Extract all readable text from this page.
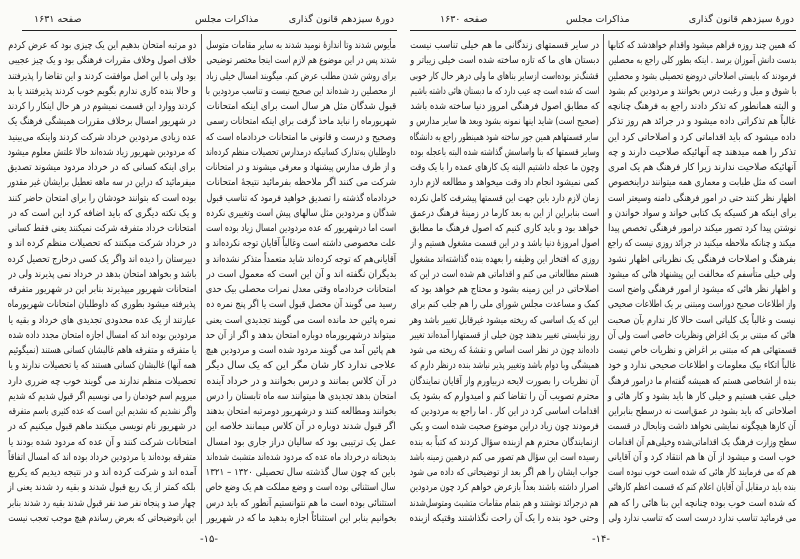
دورهٔ سیزدهم قانون گذاری
مذاکرات مجلس
صفحه ۱۶۳۱
مأیوس شدند وتا اندازهٔ نومید شدند به سایر مقامات متوسل
شدند پس در این موضوع هم لازم است اینجا مختصر توضیحی
برای روشن شدن مطلب عرض کنم. میگویند امسال خیلی زیاد
از محصلین رد شده‌اند این صحیح نیست و تناسب مردودین با
قبول شدگان مثل هر سال است برای اینکه امتحانات
شهریورماه را نباید ماخذ گرفت برای اینکه امتحانات رسمی
وصحیح و درست و قانونی ما امتحانات خردادماه است که
داوطلبان به‌تدارک کسانیکه درمدارس تحصیلات منظم کرده‌اند
و از طرف مدارس پیشنهاد و معرفی میشوند و در امتحانات
شرکت می کنند اگر ملاحظه بفرمائید نتیجهٔ امتحانات
خردادماه گذشته را تصدیق خواهید فرمود که تناسب قبول
شدگان و مردودین مثل سالهای پیش است وتغییری نکرده
است اما درشهریور که عده مردودین امسال زیاد بوده است
علت مخصوصی داشته است وغالباً آقایان توجه نکرده‌اند و
آقایانی‌هم که توجه کرده‌اند شاید متعمداً متذکر نشده‌اند و
بدیگران نگفته اند و آن این است که معمول است در
امتحانات خردادماه وقتی معدل نمرات محصلی بیک حدی
رسید می گویند آن محصل قبول است یا اگر پنج نمره ده
نمره پائین حد مانده است می گویند تجدیدی است یعنی
میتواند درشهریورماه دوباره امتحان بدهد و اگر از آن حد
هم پائین آمد می گویند مردود شده است و مردودین هیچ
علاجی ندارد کار شان مگر این که یک سال دیگر
در آن کلاس بمانند و درس بخوانند و در خرداد آینده
امتحان بدهد تجدیدی ها میتوانند سه ماه تابستان را درس
بخوانند ومطالعه کنند و درشهریور دومرتبه امتحان بدهند
اگر قبول شدند دوباره در آن کلاس میمانند خلاصه این
عمل یک ترتیبی بود که سالیان دراز جاری بود امسال
بدبختانه درخرداد ماه عده که مردود شده‌اند متشبث شده‌اند
باین که چون سال گذشته سال تحصیلی ۱۳۲۰ – ۱۳۲۱
سال استثنائی بوده است و وضع مملکت هم یک وضع خاص
استثنائی بوده است ما هم نتوانستیم آنطور که باید درس
بخوانیم بنابر این استثنائاً اجازه بدهید ما که در شهریور
دو مرتبه امتحان بدهیم این یک چیزی بود که عرض کردم
خلاف اصول وخلاف مقررات فرهنگی بود و یک چیز عجیبی
بود ولی با این اصل موافقت کردند و این تقاضا را پذیرفتند
و حالا بنده کاری ندارم بگویم خوب کردند پذیرفتند یا بد
کردند ووارد این قسمت نمیشوم در هر حال اینکار را کردند
در شهریور امسال برخلاف مقررات همیشگی فرهنگ یک
عده زیادی مردودین خرداد شرکت کردند واینکه می‌بینید
که مردودین شهریور زیاد شده‌اند حالا علتش معلوم میشود
برای اینکه کسانی که در خرداد مردود میشوند تصدیق
میفرمائید که دراین در سه ماهه تعطیل برایشان غیر مقدور
بوده است که بتوانند خودشان را برای امتحان حاضر کنند
و یک نکته دیگری که باید اضافه کرد این است که در
امتحانات خرداد متفرقه شرکت نمیکنند یعنی فقط کسانی
در خرداد شرکت میکنند که تحصیلات منظم کرده اند و
دبیرستان را دیده اند واگر یک کسی درخارج تحصیل کرده
باشد و بخواهد امتحان بدهد در خرداد نمی پذیرند ولی در
امتحانات شهریور میپذیرند بنابر این در شهریور متفرقه
پذیرفته میشود بطوری که داوطلبان امتحانات شهریورماه
عبارتند از یک عده محدودی تجدیدی های خرداد و بقیه یا
مردودین بوده اند که امسال اجازه امتحان مجدد داده شده
یا متفرقه و متفرقه هاهم غالبشان کسانی هستند (نمیگوئیم
همه آنها) غالبشان کسانی هستند که یا تحصیلات ندارند و یا
تحصیلات منظم ندارند می گویند خوب چه ضرری دارد
میرویم اسم خودمان را می نویسیم اگر قبول شدیم که شدیم
واگر نشدیم که نشدیم این است که عده کثیری باسم متفرقه
در شهریور نام نویسی میکنند ماهم قبول میکنیم که در
امتحانات شرکت کنند و آن عده که مردود شده بودند یا
متفرقه بوده‌اند یا مردودین خرداد بوده اند که امسال اتفاقاً
آمده اند و شرکت کرده اند و در نتیجه دیدیم که یکربع
بلکه کمتر از یک ربع قبول شدند و بقیه رد شدند یعنی از
چهار صد و پنجاه نفر صد نفر قبول شدند بقیه رد شدند بنابر
این باتوضیحاتی که بعرض رساندم هیچ موجب تعجب نیست
-۱۵-
دورهٔ سیزدهم قانون گذاری
مذاکرات مجلس
صفحه ۱۶۳۰
که همین چند روزه فراهم میشود واقدام خواهدشد که کتابها
بدست دانش آموزان برسد . اینکه بطور کلی راجع به محصلین
فرمودند که بایستی اصلاحاتی دروضع تحصیلی بشود و محصلین
با شوق و میل و رغبت درس بخوانند و مردودین کم بشود
و البته همانطور که تذکر دادند راجع به فرهنگ چنانچه
غالباً هم تذکراتی داده میشود و در جرائد هم روز تذکر
داده میشود که باید اقداماتی کرد و اصلاحاتی کرد این
تذکر را همه میدهند چه آنهائیکه صلاحیت دارند و چه
آنهائیکه صلاحیت ندارند زیرا کار فرهنگ هم یک امری
است که مثل طبابت و معماری همه میتوانند دراینخصوص
اظهار نظر کنند حتی در امور فرهنگی دامنه وسیعتر است
برای اینکه هر کسیکه یک کتابی خواند و سواد خواندن و
نوشتن پیدا کرد تصور میکند درامور فرهنگی تخصص پیدا
میکند و چنانکه ملاحظه میکنید در جرائد روزی نیست که راجع
بفرهنگ و اصلاحات فرهنگی یک نظریاتی اظهار نشود
ولی خیلی متأسفم که مخالفت این پیشنهاد هائی که میشود
و اظهار نظر هائی که میشود از امور فرهنگی واضح است
واز اطلاعات صحیح دوراست ومبتنی بر یک اطلاعات صحیحی
نیست و غالباً یک کلیاتی است حالا کار ندارم بآن صحبت
هائی که مبتنی بر یک اغراض ونظریات خاصی است ولی آن
قسمتهائی هم که مبتنی بر اغراض و نظریات خاص نیست
غالباً اتکاء بیک معلومات و اطلاعات صحیحی ندارد و خود
بنده از اشخاصی هستم که همیشه گفته‌ام ما درامور فرهنگ
خیلی عقب هستیم و خیلی کار ها باید بشود و کار هائی و
اصلاحاتی که باید بشود در عمق‌است نه درسطح بنابراین
آن کارها هیچگونه نمایشی نخواهد داشت ونابحال در قسمت
سطح وزارت فرهنگ یک اقداماتی‌شده وخیلی‌هم آن اقدامات
خوب است و میشود از آن ها هم انتقاد کرد و آن آقایانی
هم که می فرمایند کار هائی که شده است خوب نبوده است
بنده باید درمقابل آن آقایان اعلام کنم که قسمت اعظم کارهائی
که شده است خوب بوده چنانچه این بنا هائی را که هم
می فرمائید تناسب ندارد درست است که تناسب ندارد ولی
در سایر قسمتهای زندگانی ما هم خیلی تناسب نیست
دبستان های ما که تازه ساخته شده است خیلی زیباتر و
قشنگ‌تر بوده‌است ازسایر بناهای ما ولی درهر حال کار خوبی
است که شده است چه عیب دارد که ما دبستان هائی داشته باشیم
که مطابق اصول فرهنگی امروز دنیا ساخته شده باشد
(صحیح است) شاید اینها نمونه بشود وبعد ها سایر مدارس و
سایر قسمتهاهم همین جور ساخته شود همینطور راجع به دانشگاه
وسایر قسمتها که بنا واساسش گذاشته شده البته باعجله بوده
وچون ما عجله داشتیم البته یک کارهای عمده را با یک وقت
کمی نمیشود انجام داد وقت میخواهد و مطالعه لازم دارد
زمان لازم دارد باین جهت این قسمتها پیشرفت کامل نکرده
است بنابراین از این به بعد کارما در زمینهٔ فرهنگ درعمق
خواهد بود و باید کاری کنیم که اصول فرهنگ ما مطابق
اصول امروزهٔ دنیا باشد و در این قسمت مشغول هستیم و از
روزی که افتخار این وظیفه را بعهده بنده گذاشته‌اند مشغول
هستم مطالعاتی می کنم و اقداماتی هم شده است در این که
اصلاحاتی در این زمینه بشود و محتاج هم خواهد بود که
کمک و مساعدت مجلس شورای ملی را هم جلب کنم برای
این که یک اساسی که ریخته میشود غیرقابل تغییر باشد وهر
روز نبایستی تغییر بدهند چون خیلی از قسمتهارا آمده‌اند تغییر
داده‌اند چون در نظر است اساس و نقشهٔ که ریخته می شود
همیشگی وبا دوام باشد وتغییر پذیر نباشد بنده درنظر دارم که
آن نظریات را بصورت لایحه دربیاورم واز آقایان نمایندگان
محترم تصویب آن را تقاضا کنم و امیدوارم که بشود یک
اقدامات اساسی کرد در این کار . اما راجع به مردودین که
فرمودند چون زیاد دراین موضوع صحبت شده است و یکی
ازنمایندگان محترم هم ازبنده سؤال کردند که کتباً به بنده
رسیده است این سؤال هم تصور می کنم درهمین زمینه باشد
جواب ایشان را هم اگر بعد از توضیحاتی که داده می شود
اصرار داشته باشند بعداً بازعرض خواهم کرد چون مردودین
هم درجرائد نوشتند و هم بتمام مقامات متشبث ومتوسل‌شدند
وحتی خود بنده را یک آن راحت نگذاشتند وقتیکه ازبنده
-۱۴-
